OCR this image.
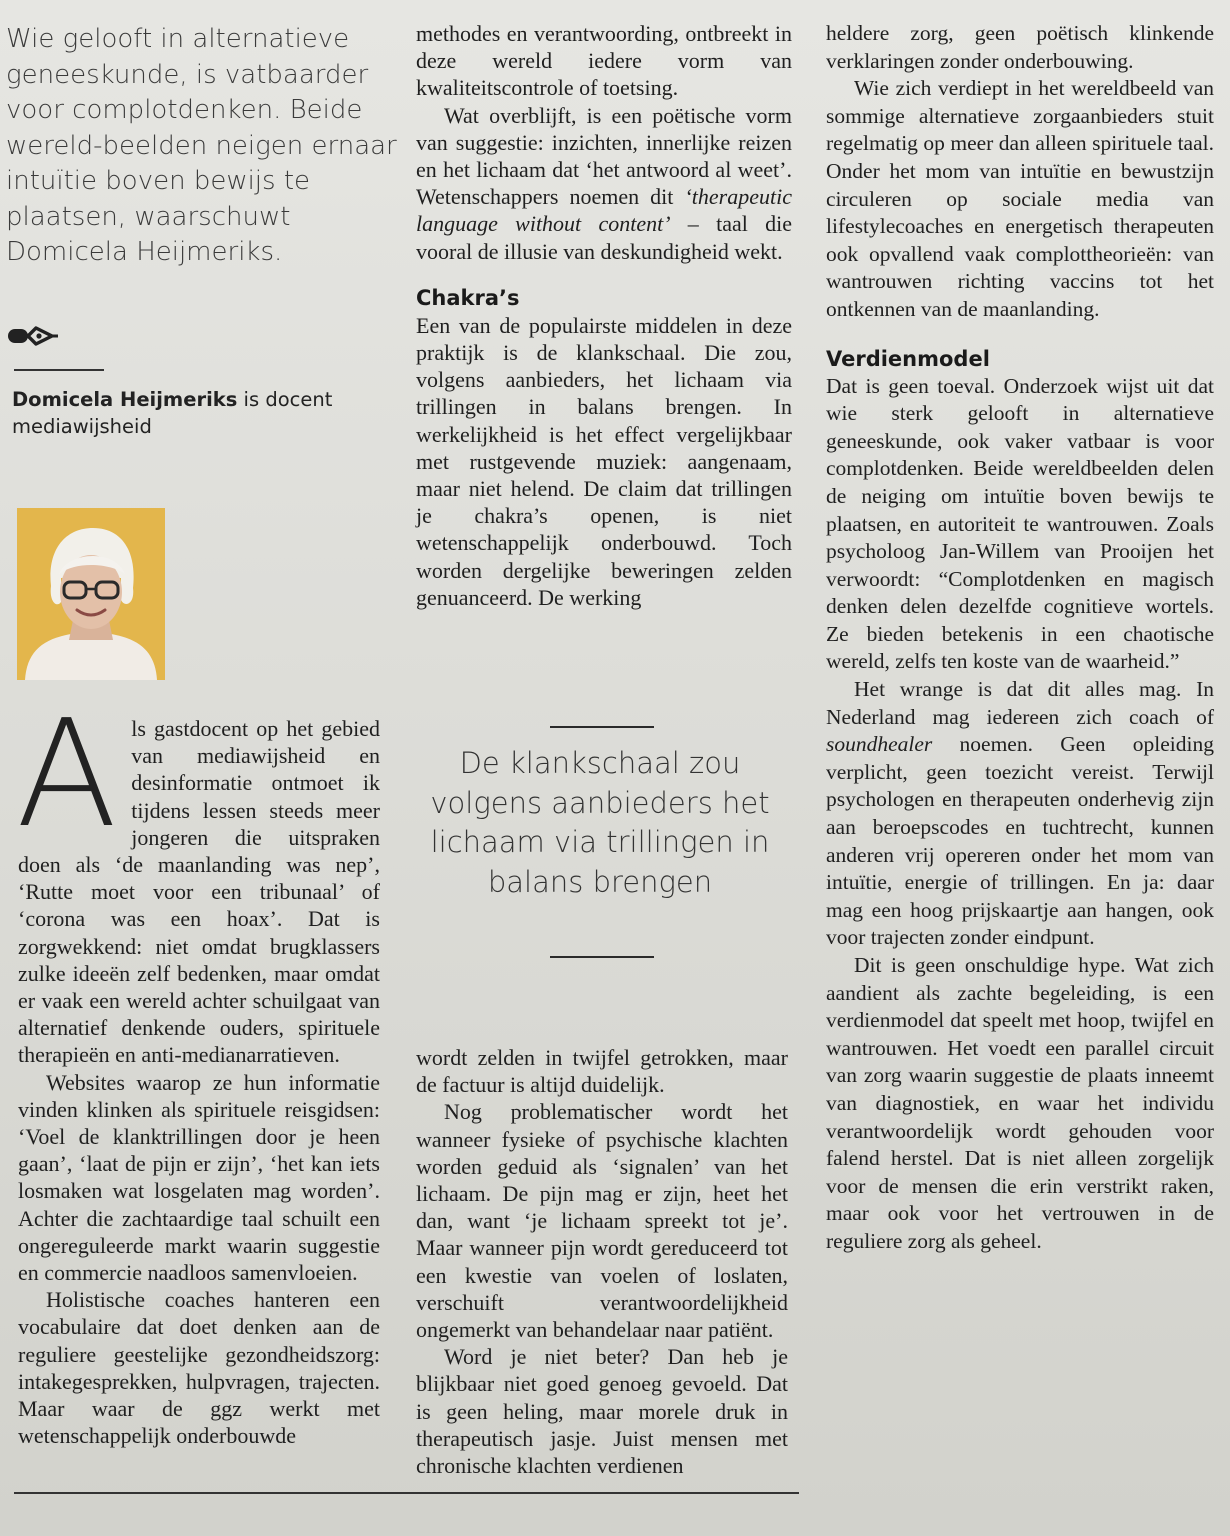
Wie gelooft in alternatieve geneeskunde, is vatbaarder voor complotdenken. Beide wereld-beelden neigen ernaar intuïtie boven bewijs te plaatsen, waarschuwt Domicela Heijmeriks.
Domicela Heijmeriks is docent mediawijsheid

Als gastdocent op het gebied van mediawijsheid en desinformatie ontmoet ik tijdens lessen steeds meer jongeren die uitspraken doen als ‘de maanlanding was nep’, ‘Rutte moet voor een tribunaal’ of ‘corona was een hoax’. Dat is zorgwekkend: niet omdat brugklassers zulke ideeën zelf bedenken, maar omdat er vaak een wereld achter schuilgaat van alternatief denkende ouders, spirituele therapieën en anti-medianarratieven.

Websites waarop ze hun informatie vinden klinken als spirituele reisgidsen: ‘Voel de klanktrillingen door je heen gaan’, ‘laat de pijn er zijn’, ‘het kan iets losmaken wat losgelaten mag worden’. Achter die zachtaardige taal schuilt een ongereguleerde markt waarin suggestie en commercie naadloos samenvloeien.

Holistische coaches hanteren een vocabulaire dat doet denken aan de reguliere geestelijke gezondheidszorg: intakegesprekken, hulpvragen, trajecten. Maar waar de ggz werkt met wetenschappelijk onderbouwde

methodes en verantwoording, ontbreekt in deze wereld iedere vorm van kwaliteitscontrole of toetsing.

Wat overblijft, is een poëtische vorm van suggestie: inzichten, innerlijke reizen en het lichaam dat ‘het antwoord al weet’. Wetenschappers noemen dit ‘therapeutic language without content’ – taal die vooral de illusie van deskundigheid wekt.

Chakra’s

Een van de populairste middelen in deze praktijk is de klankschaal. Die zou, volgens aanbieders, het lichaam via trillingen in balans brengen. In werkelijkheid is het effect vergelijkbaar met rustgevende muziek: aangenaam, maar niet helend. De claim dat trillingen je chakra’s openen, is niet wetenschappelijk onderbouwd. Toch worden dergelijke beweringen zelden genuanceerd. De werking

De klankschaal zou volgens aanbieders het lichaam via trillingen in balans brengen

wordt zelden in twijfel getrokken, maar de factuur is altijd duidelijk.

Nog problematischer wordt het wanneer fysieke of psychische klachten worden geduid als ‘signalen’ van het lichaam. De pijn mag er zijn, heet het dan, want ‘je lichaam spreekt tot je’. Maar wanneer pijn wordt gereduceerd tot een kwestie van voelen of loslaten, verschuift verantwoordelijkheid ongemerkt van behandelaar naar patiënt.

Word je niet beter? Dan heb je blijkbaar niet goed genoeg gevoeld. Dat is geen heling, maar morele druk in therapeutisch jasje. Juist mensen met chronische klachten verdienen

heldere zorg, geen poëtisch klinkende verklaringen zonder onderbouwing.

Wie zich verdiept in het wereldbeeld van sommige alternatieve zorgaanbieders stuit regelmatig op meer dan alleen spirituele taal. Onder het mom van intuïtie en bewustzijn circuleren op sociale media van lifestylecoaches en energetisch therapeuten ook opvallend vaak complottheorieën: van wantrouwen richting vaccins tot het ontkennen van de maanlanding.

Verdienmodel

Dat is geen toeval. Onderzoek wijst uit dat wie sterk gelooft in alternatieve geneeskunde, ook vaker vatbaar is voor complotdenken. Beide wereldbeelden delen de neiging om intuïtie boven bewijs te plaatsen, en autoriteit te wantrouwen. Zoals psycholoog Jan-Willem van Prooijen het verwoordt: “Complotdenken en magisch denken delen dezelfde cognitieve wortels. Ze bieden betekenis in een chaotische wereld, zelfs ten koste van de waarheid.”

Het wrange is dat dit alles mag. In Nederland mag iedereen zich coach of soundhealer noemen. Geen opleiding verplicht, geen toezicht vereist. Terwijl psychologen en therapeuten onderhevig zijn aan beroepscodes en tuchtrecht, kunnen anderen vrij opereren onder het mom van intuïtie, energie of trillingen. En ja: daar mag een hoog prijskaartje aan hangen, ook voor trajecten zonder eindpunt.

Dit is geen onschuldige hype. Wat zich aandient als zachte begeleiding, is een verdienmodel dat speelt met hoop, twijfel en wantrouwen. Het voedt een parallel circuit van zorg waarin suggestie de plaats inneemt van diagnostiek, en waar het individu verantwoordelijk wordt gehouden voor falend herstel. Dat is niet alleen zorgelijk voor de mensen die erin verstrikt raken, maar ook voor het vertrouwen in de reguliere zorg als geheel.
